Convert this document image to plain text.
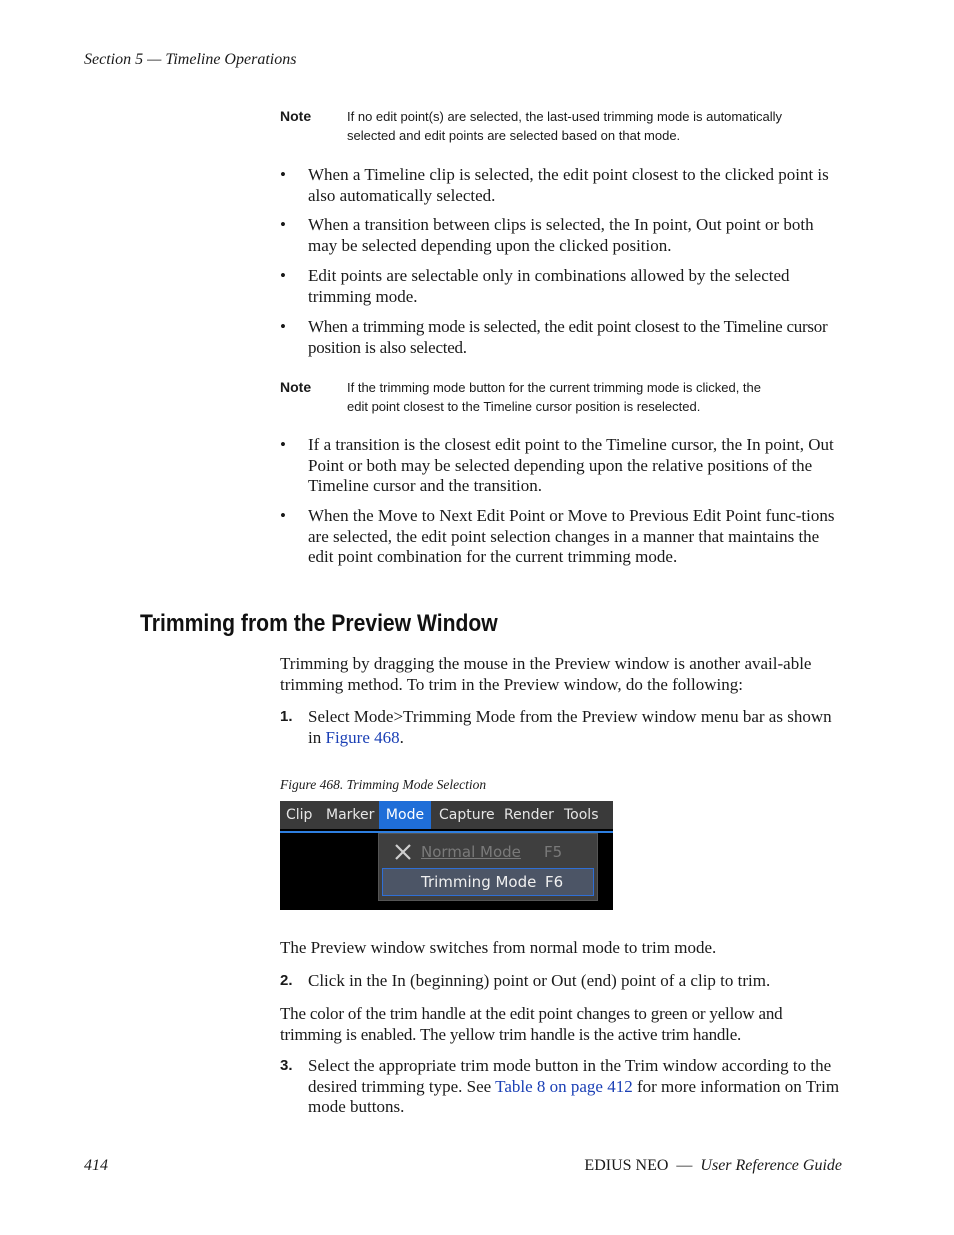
Section 5 — Timeline Operations
Note	If no edit point(s) are selected, the last-used trimming mode is automatically
selected and edit points are selected based on that mode.
• When a Timeline clip is selected, the edit point closest to the clicked point is also automatically selected.
• When a transition between clips is selected, the In point, Out point or both may be selected depending upon the clicked position.
• Edit points are selectable only in combinations allowed by the selected trimming mode.
• When a trimming mode is selected, the edit point closest to the Timeline cursor position is also selected.
Note	If the trimming mode button for the current trimming mode is clicked, the
edit point closest to the Timeline cursor position is reselected.
• If a transition is the closest edit point to the Timeline cursor, the In point, Out Point or both may be selected depending upon the relative positions of the Timeline cursor and the transition.
• When the Move to Next Edit Point or Move to Previous Edit Point func-tions are selected, the edit point selection changes in a manner that maintains the edit point combination for the current trimming mode.
Trimming from the Preview Window

Trimming by dragging the mouse in the Preview window is another avail-able trimming method. To trim in the Preview window, do the following:

1. Select Mode>Trimming Mode from the Preview window menu bar as shown in Figure 468.
Figure 468. Trimming Mode Selection
Clip Marker Mode	Capture Render Tools
Normal Mode F5
Trimming Mode F6

The Preview window switches from normal mode to trim mode.

2. Click in the In (beginning) point or Out (end) point of a clip to trim.

The color of the trim handle at the edit point changes to green or yellow and trimming is enabled. The yellow trim handle is the active trim handle.

3. Select the appropriate trim mode button in the Trim window according to the desired trimming type. See Table 8 on page 412 for more information on Trim mode buttons.
414	EDIUS NEO — User Reference Guide
